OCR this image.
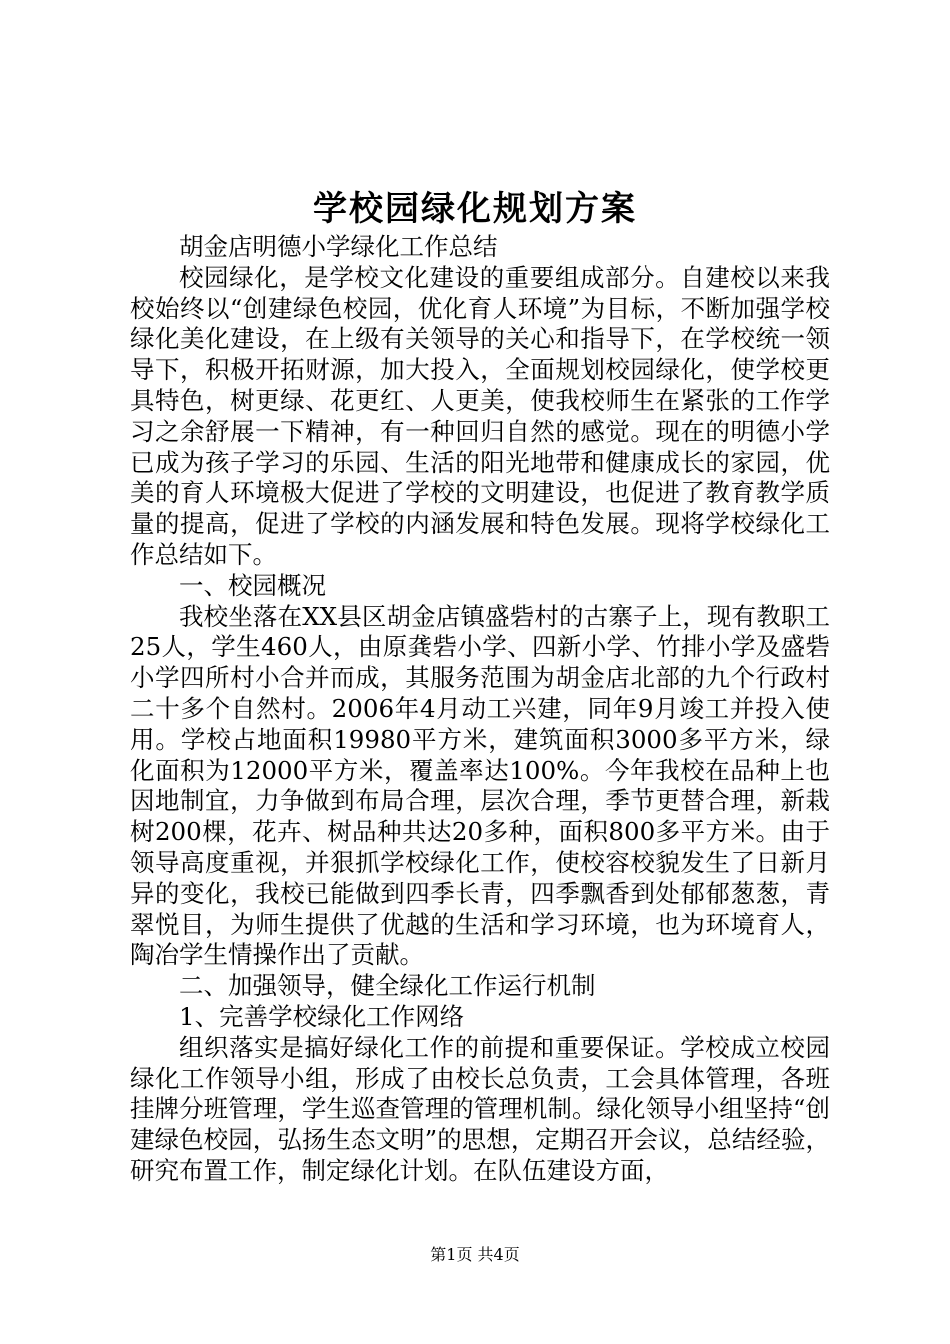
学校园绿化规划方案

胡金店明德小学绿化工作总结

校园绿化，是学校文化建设的重要组成部分。自建校以来我校始终以“创建绿色校园，优化育人环境”为目标，不断加强学校绿化美化建设，在上级有关领导的关心和指导下，在学校统一领导下，积极开拓财源，加大投入，全面规划校园绿化，使学校更具特色，树更绿、花更红、人更美，使我校师生在紧张的工作学习之余舒展一下精神，有一种回归自然的感觉。现在的明德小学已成为孩子学习的乐园、生活的阳光地带和健康成长的家园，优美的育人环境极大促进了学校的文明建设，也促进了教育教学质量的提高，促进了学校的内涵发展和特色发展。现将学校绿化工作总结如下。

一、校园概况

我校坐落在XX县区胡金店镇盛砦村的古寨子上，现有教职工25人，学生460人，由原龚砦小学、四新小学、竹排小学及盛砦小学四所村小合并而成，其服务范围为胡金店北部的九个行政村二十多个自然村。2006年4月动工兴建，同年9月竣工并投入使用。学校占地面积19980平方米，建筑面积3000多平方米，绿化面积为12000平方米，覆盖率达100%。今年我校在品种上也因地制宜，力争做到布局合理，层次合理，季节更替合理，新栽树200棵，花卉、树品种共达20多种，面积800多平方米。由于领导高度重视，并狠抓学校绿化工作，使校容校貌发生了日新月异的变化，我校已能做到四季长青，四季飘香到处郁郁葱葱，青翠悦目，为师生提供了优越的生活和学习环境，也为环境育人，陶冶学生情操作出了贡献。

二、加强领导，健全绿化工作运行机制

1、完善学校绿化工作网络

组织落实是搞好绿化工作的前提和重要保证。学校成立校园绿化工作领导小组，形成了由校长总负责，工会具体管理，各班挂牌分班管理，学生巡查管理的管理机制。绿化领导小组坚持“创建绿色校园，弘扬生态文明”的思想，定期召开会议，总结经验，研究布置工作，制定绿化计划。在队伍建设方面，

第1页 共4页
